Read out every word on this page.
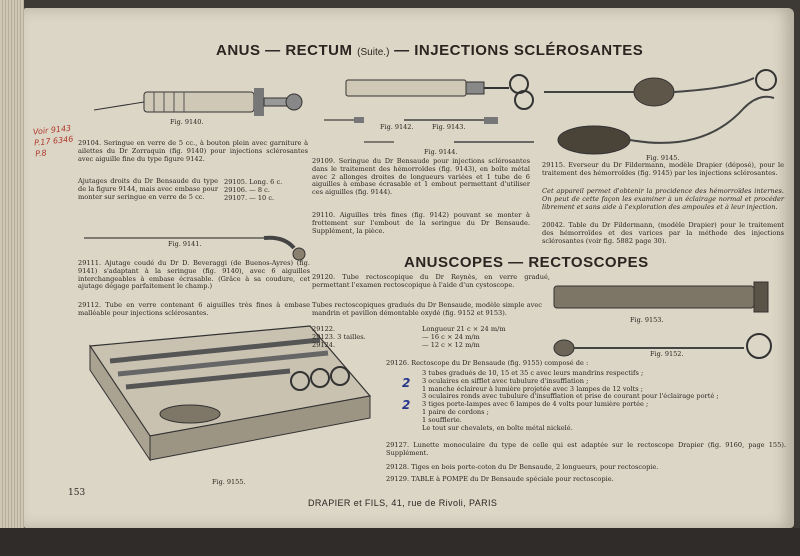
ANUS — RECTUM (Suite.) — INJECTIONS SCLÉROSANTES
Fig. 9140.
Voir 9143 P.17 6346 P.8
29104. Seringue en verre de 5 cc., à bouton plein avec garniture à ailettes du Dr Zorraquin (fig. 9140) pour injections sclérosantes avec aiguille fine du type figure 9142.
Ajutages droits du Dr Bensaude du type de la figure 9144, mais avec embase pour monter sur seringue en verre de 5 cc.
29105. Long. 6 c.
29106. — 8 c.
29107. — 10 c.
Fig. 9141.
29111. Ajutage coudé du Dr D. Beveraggi (de Buenos-Ayres) (fig. 9141) s'adaptant à la seringue (fig. 9140), avec 6 aiguilles interchangeables à embase écrasable. (Grâce à sa coudure, cet ajutage dégage parfaitement le champ.)
29112. Tube en verre contenant 6 aiguilles très fines à embase malléable pour injections sclérosantes.
Fig. 9155.
Fig. 9142.	Fig. 9143.
Fig. 9144.
29109. Seringue du Dr Bensaude pour injections sclérosantes dans le traitement des hémorroïdes (fig. 9143), en boîte métal avec 2 allonges droites de longueurs variées et 1 tube de 6 aiguilles à embase écrasable et 1 embout permettant d'utiliser ces aiguilles (fig. 9144).
29110. Aiguilles très fines (fig. 9142) pouvant se monter à frottement sur l'embout de la seringue du Dr Bensaude. Supplément, la pièce.
Fig. 9145.
29115. Everseur du Dr Fildermann, modèle Drapier (déposé), pour le traitement des hémorroïdes (fig. 9145) par les injections sclérosantes.
Cet appareil permet d'obtenir la procidence des hémorroïdes internes. On peut de cette façon les examiner à un éclairage normal et procéder librement et sans aide à l'exploration des ampoules et à leur injection.
20042. Table du Dr Fildermann, (modèle Drapier) pour le traitement des hémorroïdes et des varices par la méthode des injections sclérosantes (voir fig. 5882 page 30).
ANUSCOPES — RECTOSCOPES
29120. Tube rectoscopique du Dr Reynès, en verre gradué, permettant l'examen rectoscopique à l'aide d'un cystoscope.
Tubes rectoscopiques gradués du Dr Bensaude, modèle simple avec mandrin et pavillon démontable oxydé (fig. 9152 et 9153).
29122.
29123. 3 tailles.
29124.
Longueur 21 c × 24 m/m
— 16 c × 24 m/m
— 12 c × 12 m/m
Fig. 9153.
Fig. 9152.
29126. Rectoscope du Dr Bensaude (fig. 9155) composé de :
2
2
3 tubes gradués de 10, 15 et 35 c avec leurs mandrins respectifs ;
3 oculaires en sifflet avec tubulure d'insufflation ;
1 manche éclaireur à lumière projetée avec 3 lampes de 12 volts ;
3 oculaires ronds avec tubulure d'insufflation et prise de courant pour l'éclairage porté ;
3 tiges porte-lampes avec 6 lampes de 4 volts pour lumière portée ;
1 paire de cordons ;
1 soufflerie.
Le tout sur chevalets, en boîte métal nickelé.
29127. Lunette monoculaire du type de celle qui est adaptée sur le rectoscope Drapier (fig. 9160, page 155). Supplément.
29128. Tiges en bois porte-coton du Dr Bensaude, 2 longueurs, pour rectoscopie.
29129. TABLE à POMPE du Dr Bensaude spéciale pour rectoscopie.
153
DRAPIER et FILS, 41, rue de Rivoli, PARIS
